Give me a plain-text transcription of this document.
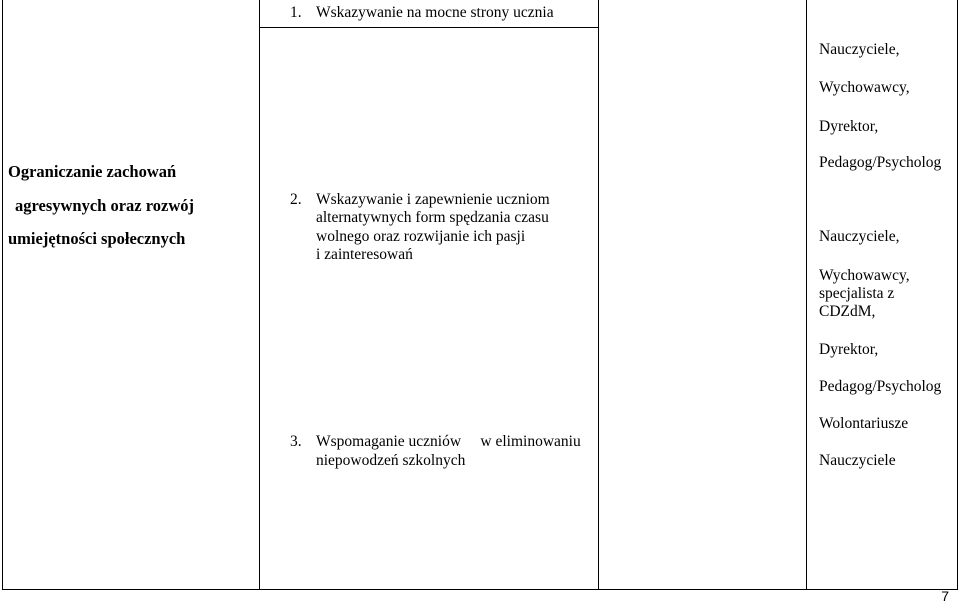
Ograniczanie zachowań
agresywnych oraz rozwój
umiejętności społecznych
1. Wskazywanie na mocne strony ucznia
2. Wskazywanie i zapewnienie uczniom
alternatywnych form spędzania czasu
wolnego oraz rozwijanie ich pasji
i zainteresowań
3. Wspomaganie uczniów     w eliminowaniu
niepowodzeń szkolnych
Nauczyciele,
Wychowawcy,
Dyrektor,
Pedagog/Psycholog
Nauczyciele,
Wychowawcy,
specjalista z
CDZdM,
Dyrektor,
Pedagog/Psycholog
Wolontariusze
Nauczyciele
7
